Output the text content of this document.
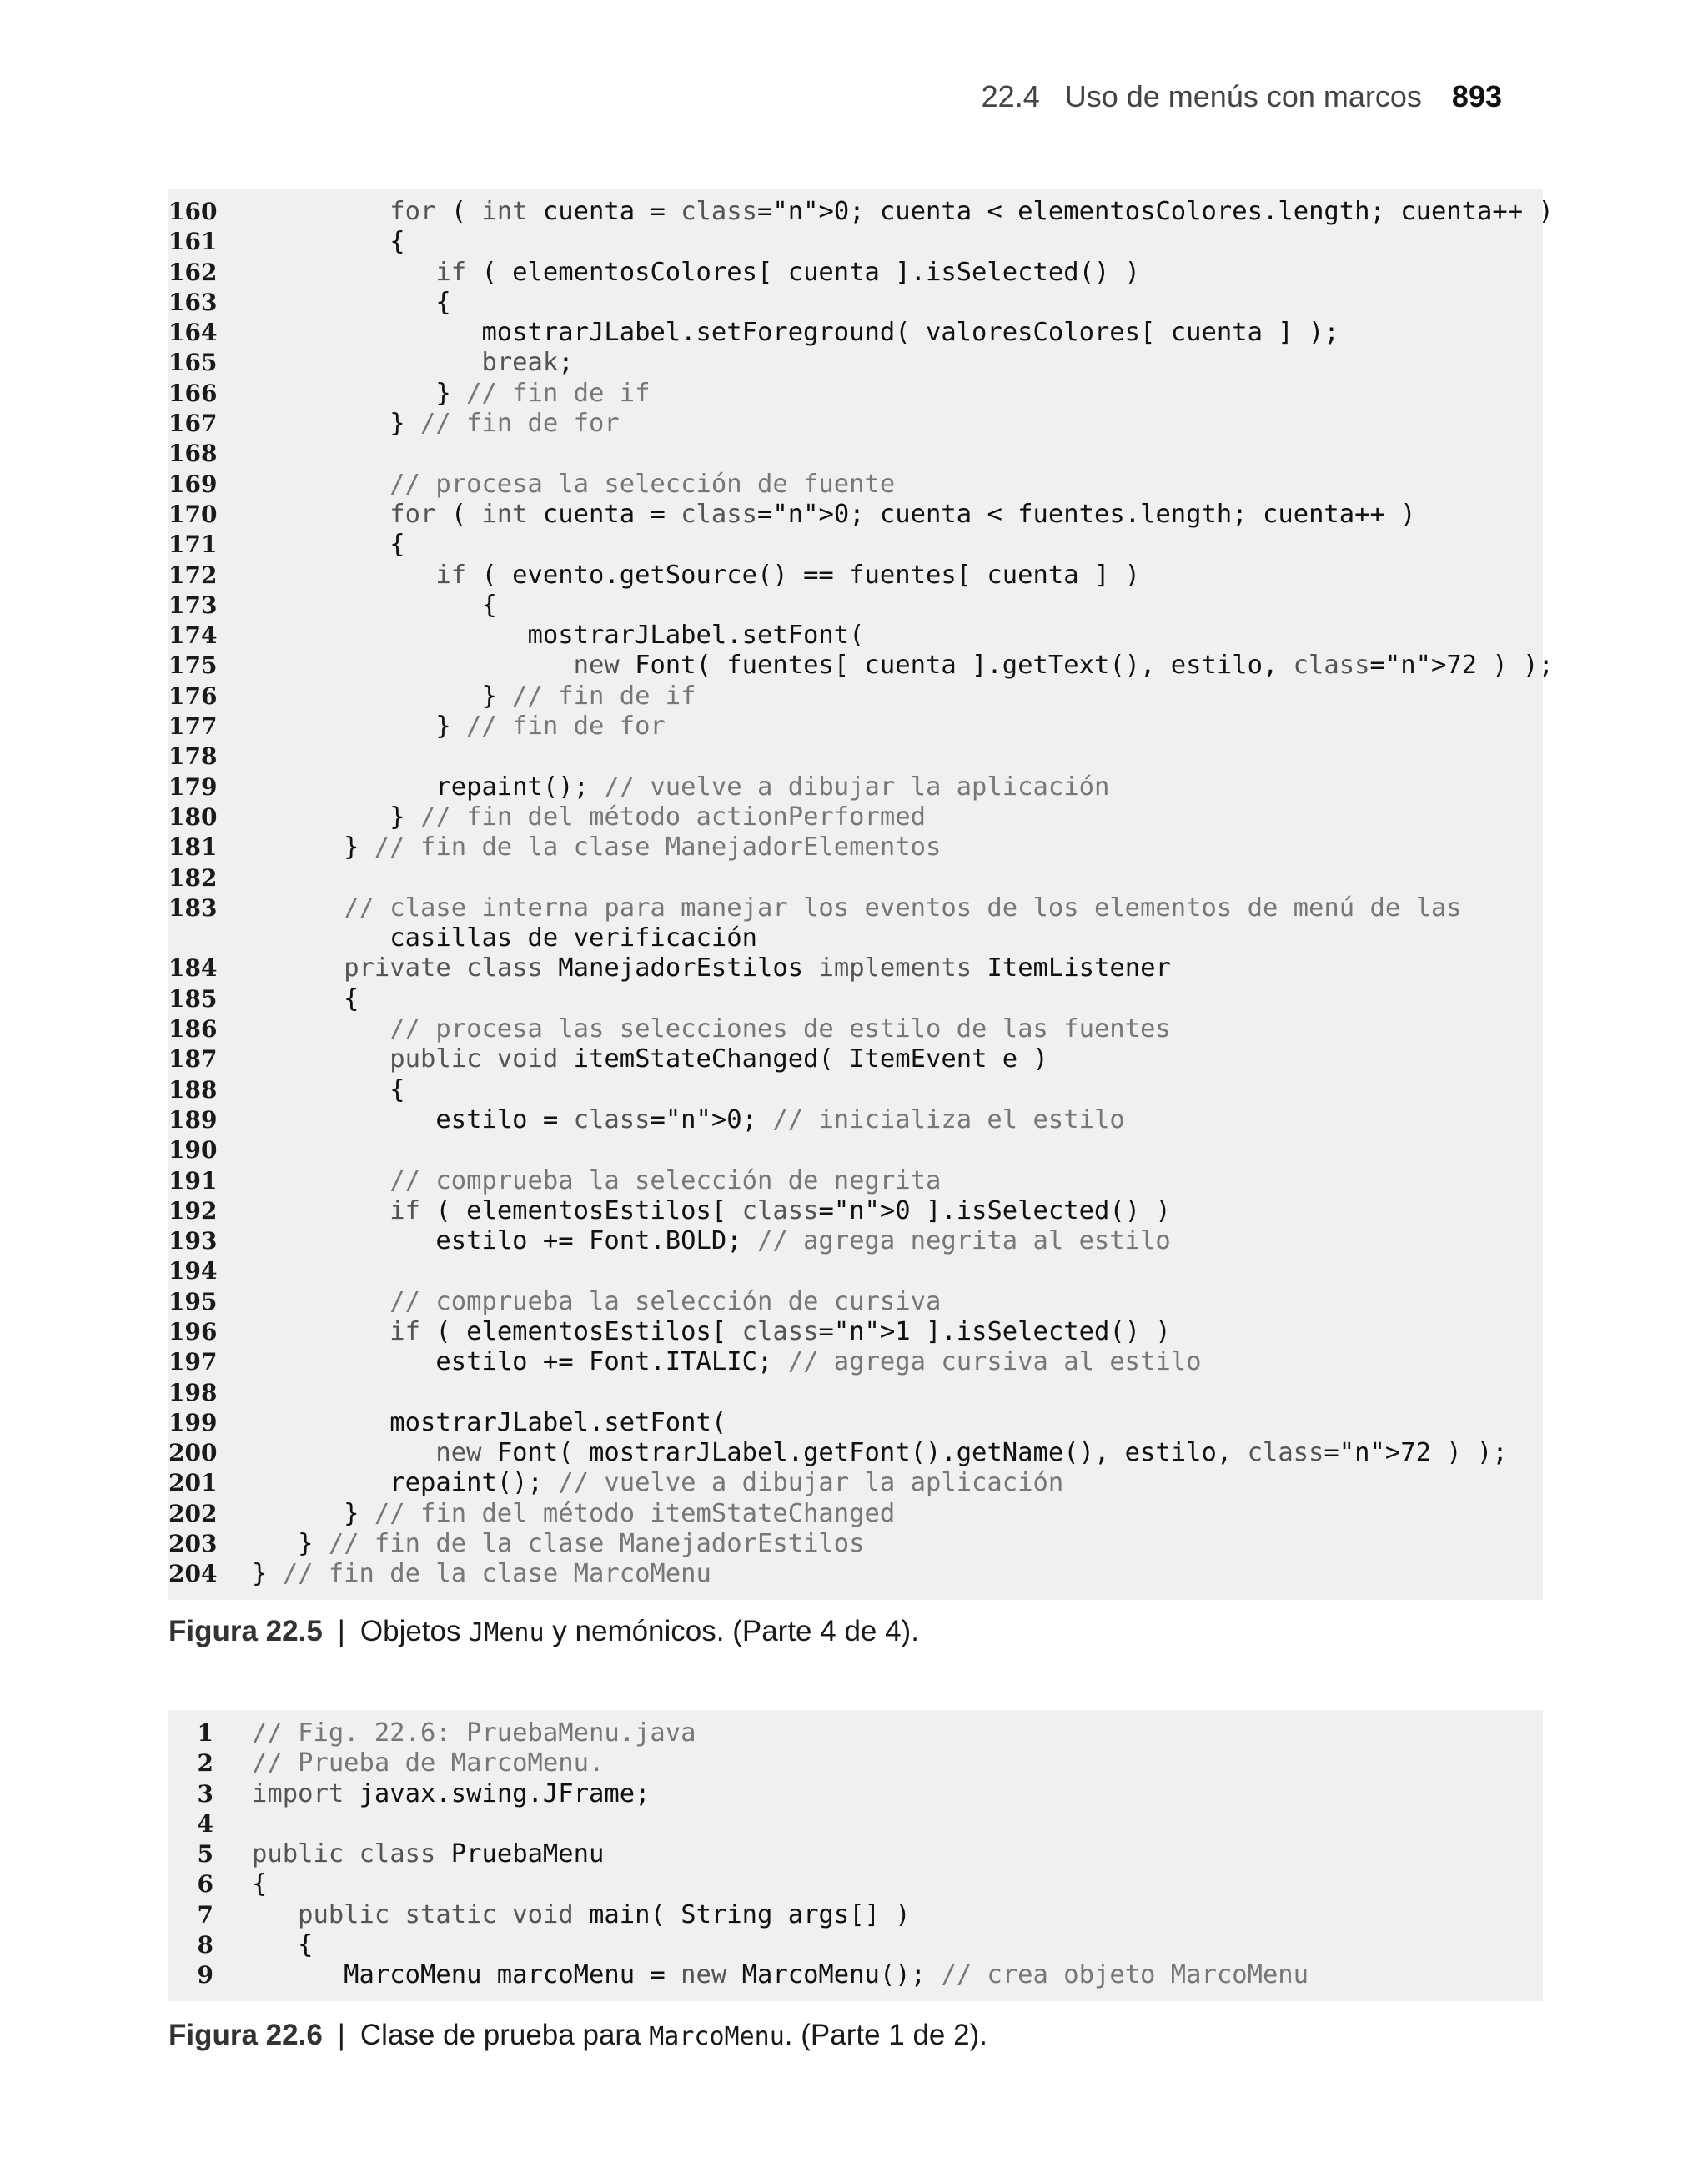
22.4   Uso de menús con marcos 893
160	for ( int cuenta = class="n">0; cuenta < elementosColores.length; cuenta++ )
161	{
162	if ( elementosColores[ cuenta ].isSelected() )
163	{
164	mostrarJLabel.setForeground( valoresColores[ cuenta ] );
165	break;
166	} // fin de if
167	} // fin de for
168
169	// procesa la selección de fuente
170	for ( int cuenta = class="n">0; cuenta < fuentes.length; cuenta++ )
171	{
172	if ( evento.getSource() == fuentes[ cuenta ] )
173	{
174	mostrarJLabel.setFont(
175	new Font( fuentes[ cuenta ].getText(), estilo, class="n">72 ) );
176	} // fin de if
177	} // fin de for
178
179	repaint(); // vuelve a dibujar la aplicación
180	} // fin del método actionPerformed
181	} // fin de la clase ManejadorElementos
182
183	// clase interna para manejar los eventos de los elementos de menú de las
casillas de verificación
184	private class ManejadorEstilos implements ItemListener
185	{
186	// procesa las selecciones de estilo de las fuentes
187	public void itemStateChanged( ItemEvent e )
188	{
189	estilo = class="n">0; // inicializa el estilo
190
191	// comprueba la selección de negrita
192	if ( elementosEstilos[ class="n">0 ].isSelected() )
193	estilo += Font.BOLD; // agrega negrita al estilo
194
195	// comprueba la selección de cursiva
196	if ( elementosEstilos[ class="n">1 ].isSelected() )
197	estilo += Font.ITALIC; // agrega cursiva al estilo
198
199	mostrarJLabel.setFont(
200	new Font( mostrarJLabel.getFont().getName(), estilo, class="n">72 ) );
201	repaint(); // vuelve a dibujar la aplicación
202	} // fin del método itemStateChanged
203	} // fin de la clase ManejadorEstilos
204	} // fin de la clase MarcoMenu
Figura 22.5 | Objetos JMenu y nemónicos. (Parte 4 de 4).
1	// Fig. 22.6: PruebaMenu.java
2	// Prueba de MarcoMenu.
3	import javax.swing.JFrame;
4
5	public class PruebaMenu
6	{
7	public static void main( String args[] )
8	{
9	MarcoMenu marcoMenu = new MarcoMenu(); // crea objeto MarcoMenu
Figura 22.6 | Clase de prueba para MarcoMenu. (Parte 1 de 2).
